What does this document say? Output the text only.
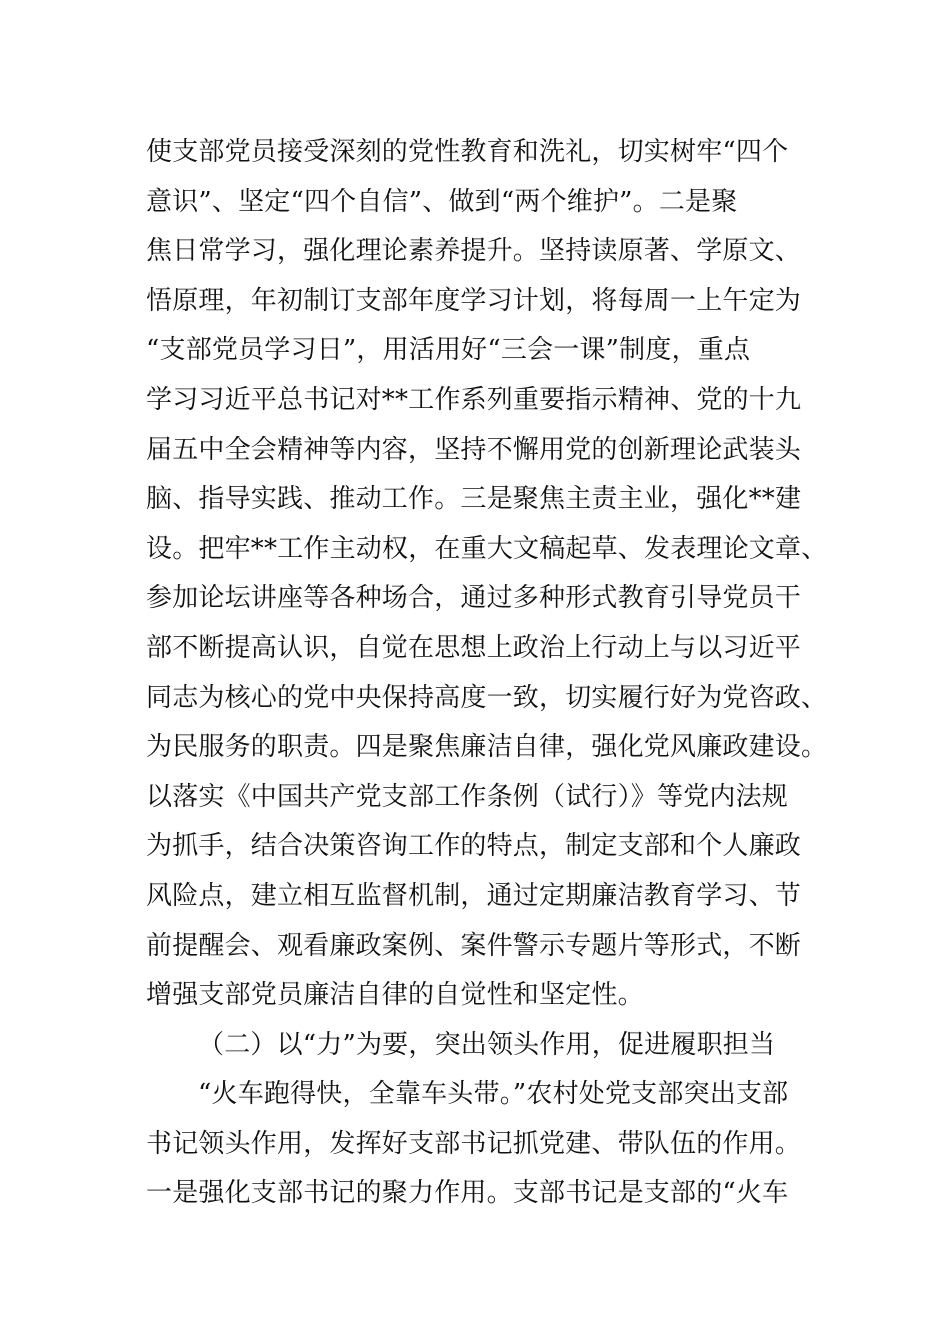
使支部党员接受深刻的党性教育和洗礼，切实树牢“四个
意识”、坚定“四个自信”、做到“两个维护”。二是聚
焦日常学习，强化理论素养提升。坚持读原著、学原文、
悟原理，年初制订支部年度学习计划，将每周一上午定为
“支部党员学习日”，用活用好“三会一课”制度，重点
学习习近平总书记对**工作系列重要指示精神、党的十九
届五中全会精神等内容，坚持不懈用党的创新理论武装头
脑、指导实践、推动工作。三是聚焦主责主业，强化**建
设。把牢**工作主动权，在重大文稿起草、发表理论文章、
参加论坛讲座等各种场合，通过多种形式教育引导党员干
部不断提高认识，自觉在思想上政治上行动上与以习近平
同志为核心的党中央保持高度一致，切实履行好为党咨政、
为民服务的职责。四是聚焦廉洁自律，强化党风廉政建设。
以落实《中国共产党支部工作条例（试行）》等党内法规
为抓手，结合决策咨询工作的特点，制定支部和个人廉政
风险点，建立相互监督机制，通过定期廉洁教育学习、节
前提醒会、观看廉政案例、案件警示专题片等形式，不断
增强支部党员廉洁自律的自觉性和坚定性。
（二）以“力”为要，突出领头作用，促进履职担当
“火车跑得快，全靠车头带。”农村处党支部突出支部
书记领头作用，发挥好支部书记抓党建、带队伍的作用。
一是强化支部书记的聚力作用。支部书记是支部的“火车
